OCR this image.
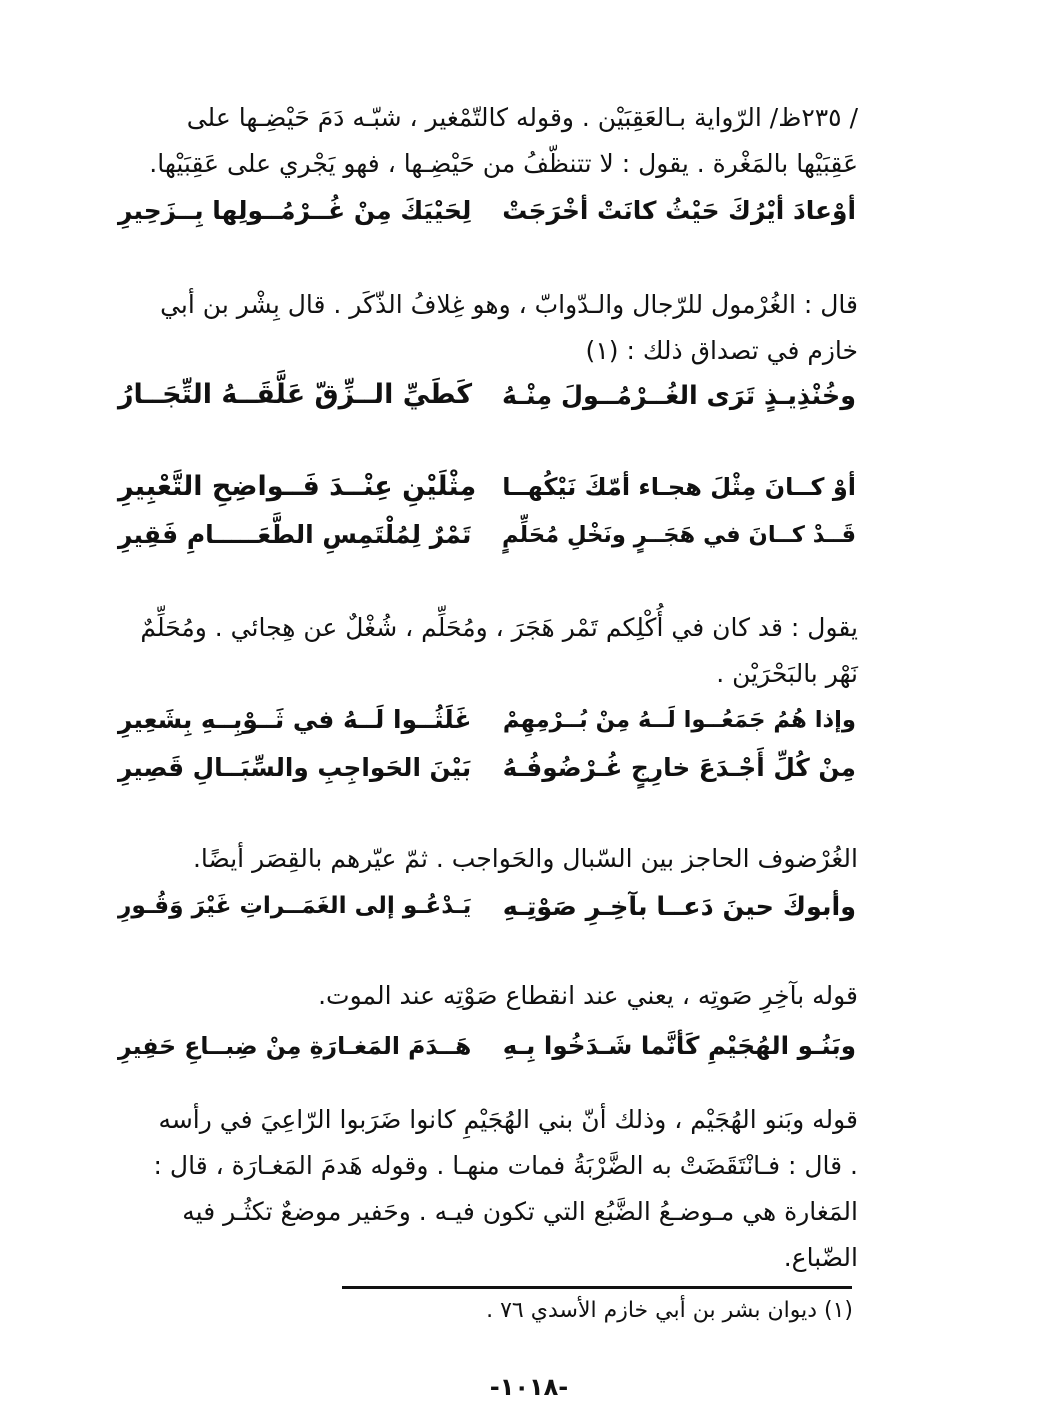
/ ٢٣٥ظ/ الرّواية بـالعَقِبَيْن . وقوله كالتّمْغير ، شبّـه دَمَ حَيْضِـها على
عَقِبَيْها بالمَغْرة . يقول : لا تتنظّفُ من حَيْضِـها ، فهو يَجْري على عَقِبَيْها.
أوْعادَ أيْرُكَ حَيْثُ كانَتْ أخْرَجَتْ
لِحَيْيَكَ مِنْ غُــرْمُــولِها بِــزَحِيرِ
قال : الغُرْمول للرّجال والـدّوابّ ، وهو غِلافُ الذّكَر . قال بِشْر بن أبي
خازم في تصداق ذلك : (١)
وخُنْذِيـذٍ تَرَى الغُــرْمُــولَ مِنْـهُ
كَطَيِّ الــزِّقّ عَلَّقَــهُ التِّجَــارُ
أوْ كــانَ مِثْلَ هجـاء أمّكَ نَيْكُهــا
مِثْلَيْنِ عِنْــدَ فَــواضِحِ التَّعْبِيرِ
قَــدْ كــانَ في هَجَــرٍ ونَخْلِ مُحَلِّمٍ
تَمْرٌ لِمُلْتَمِسِ الطَّعَـــــامِ فَقِيرِ
يقول : قد كان في أُكْلِكم تَمْر هَجَرَ ، ومُحَلِّم ، شُغْلٌ عن هِجائي . ومُحَلِّمٌ
نَهْر بالبَحْرَيْن .
وإذا هُمُ جَمَعُــوا لَــهُ مِنْ بُــرْمِهِمْ
غَلَثُــوا لَــهُ في ثَــوْبِــهِ بِشَعِيرِ
مِنْ كُلِّ أَجْـدَعَ خارِجٍ غُـرْضُوفُـهُ
بَيْنَ الحَواجِبِ والسِّبَــالِ قَصِيرِ
الغُرْضوف الحاجز بين السّبال والحَواجب . ثمّ عيّرهم بالقِصَر أيضًا.
وأبوكَ حينَ دَعــا بآخِـرِ صَوْتِـهِ
يَـدْعُـو إلى الغَمَــراتِ غَيْرَ وَقُـورِ
قوله بآخِرِ صَوتِه ، يعني عند انقطاع صَوْتِه عند الموت.
وبَنُـو الهُجَيْمِ كَأنَّما شَـدَخُوا بِـهِ
هَــدَمَ المَغـارَةِ مِنْ ضِبــاعِ حَفِيرِ
قوله وبَنو الهُجَيْم ، وذلك أنّ بني الهُجَيْمِ كانوا ضَرَبوا الرّاعِيَ في رأسه
. قال : فـانْتَقَضَتْ به الضَّرْبَةُ فمات منهـا . وقوله هَدمَ المَغـارَة ، قال :
المَغارة هي مـوضـعُ الضَّبُع التي تكون فيـه . وحَفير موضعٌ تكثُـر فيه
الضّباع.
(١) ديوان بشر بن أبي خازم الأسدي ٧٦ .
-١٠١٨-
